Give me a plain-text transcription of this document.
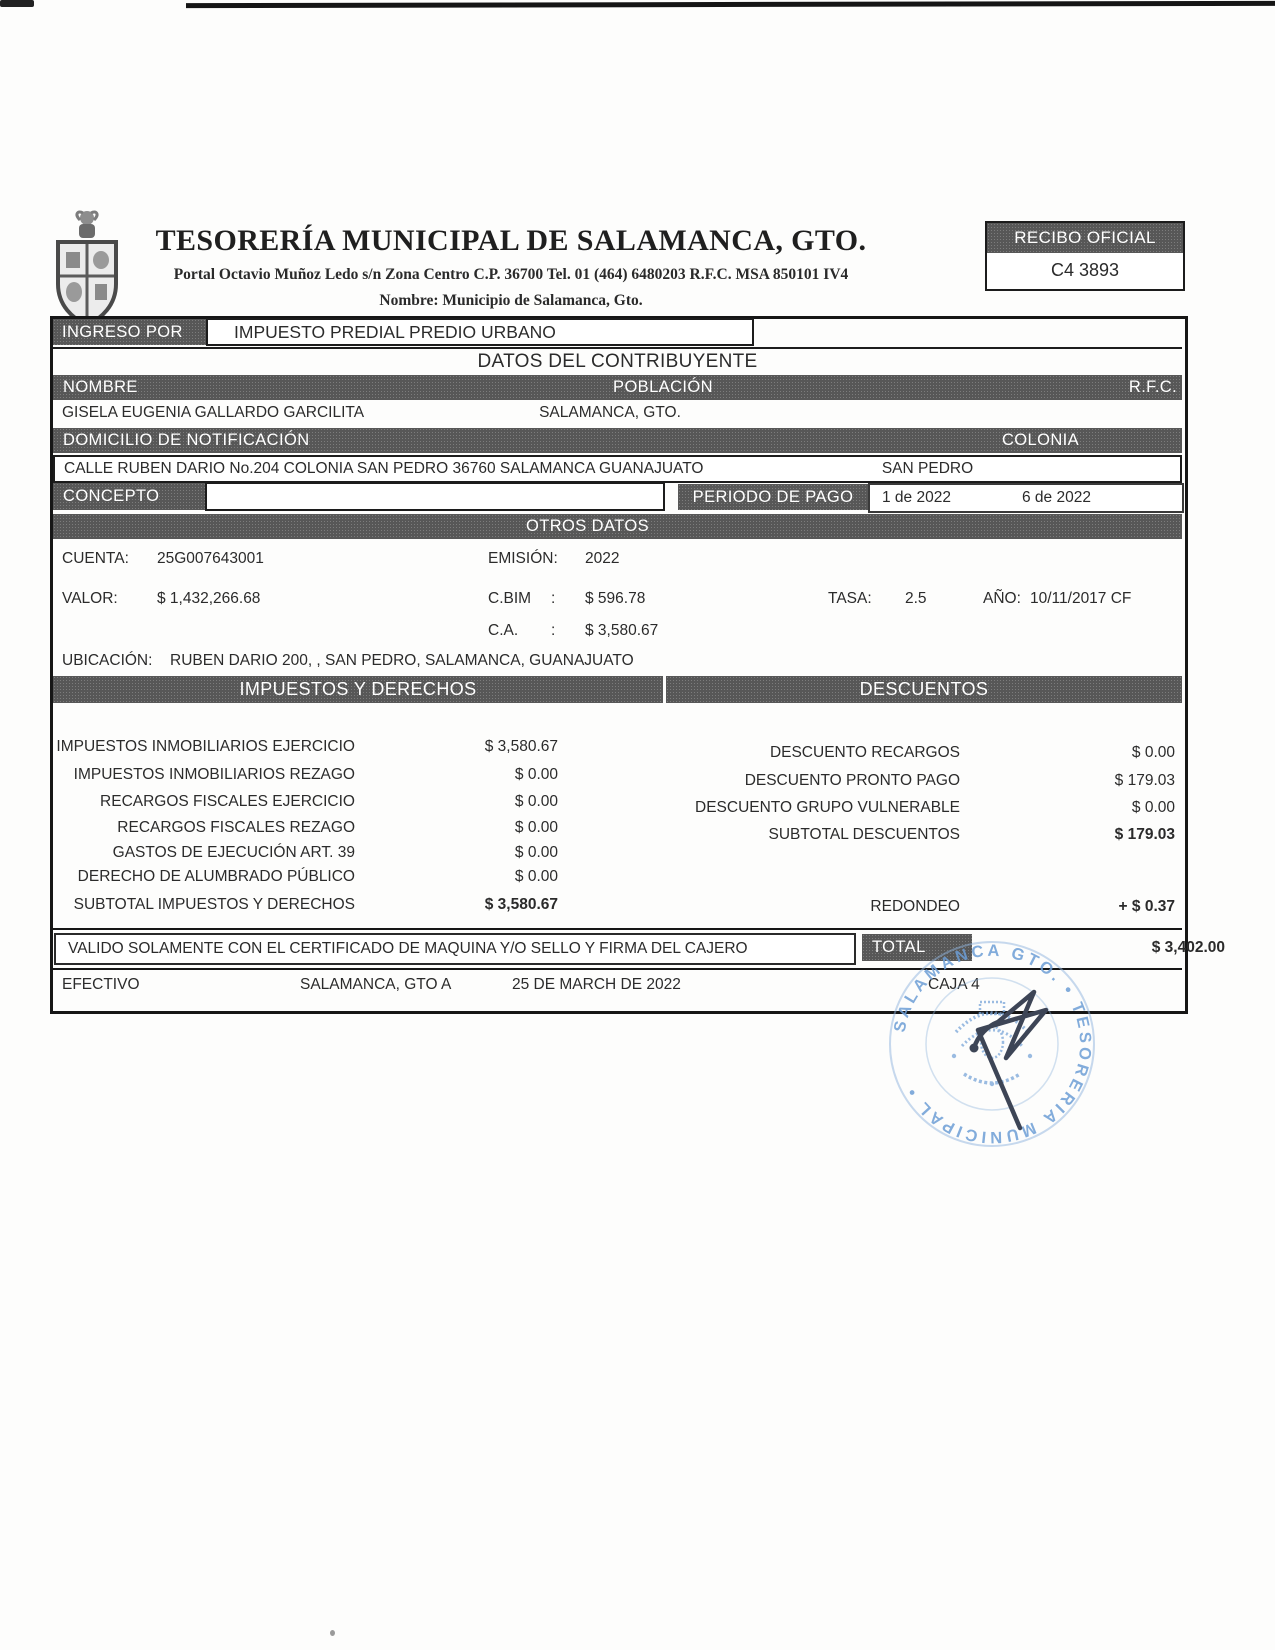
TESORERÍA MUNICIPAL DE SALAMANCA, GTO.
Portal Octavio Muñoz Ledo s/n Zona Centro C.P. 36700 Tel. 01 (464) 6480203 R.F.C. MSA 850101 IV4
Nombre: Municipio de Salamanca, Gto.
RECIBO OFICIAL
C4 3893
INGRESO POR	IMPUESTO PREDIAL PREDIO URBANO
DATOS DEL CONTRIBUYENTE
NOMBRE	POBLACIÓN	R.F.C.
GISELA EUGENIA GALLARDO GARCILITA	SALAMANCA, GTO.
DOMICILIO DE NOTIFICACIÓN	COLONIA
CALLE RUBEN DARIO No.204 COLONIA SAN PEDRO 36760 SALAMANCA GUANAJUATO	SAN PEDRO
CONCEPTO	PERIODO DE PAGO	1 de 2022	6 de 2022
OTROS DATOS
CUENTA: 25G007643001	EMISIÓN: 2022
VALOR:	$ 1,432,266.68	C.BIM : $ 596.78	TASA: 2.5	AÑO: 10/11/2017 CF
C.A. : $ 3,580.67
UBICACIÓN: RUBEN DARIO 200, , SAN PEDRO, SALAMANCA, GUANAJUATO
IMPUESTOS Y DERECHOS	DESCUENTOS
IMPUESTOS INMOBILIARIOS EJERCICIO	$ 3,580.67
IMPUESTOS INMOBILIARIOS REZAGO	$ 0.00
RECARGOS FISCALES EJERCICIO	$ 0.00
RECARGOS FISCALES REZAGO	$ 0.00
GASTOS DE EJECUCIÓN ART. 39	$ 0.00
DERECHO DE ALUMBRADO PÚBLICO	$ 0.00
SUBTOTAL IMPUESTOS Y DERECHOS	$ 3,580.67
DESCUENTO RECARGOS	$ 0.00
DESCUENTO PRONTO PAGO	$ 179.03
DESCUENTO GRUPO VULNERABLE	$ 0.00
SUBTOTAL DESCUENTOS	$ 179.03
REDONDEO	+ $ 0.37
VALIDO SOLAMENTE CON EL CERTIFICADO DE MAQUINA Y/O SELLO Y FIRMA DEL CAJERO	TOTAL	$ 3,402.00
EFECTIVO	SALAMANCA, GTO A	25 DE MARCH DE 2022	CAJA 4
SALAMANCA GTO. • TESORERIA MUNICIPAL •
